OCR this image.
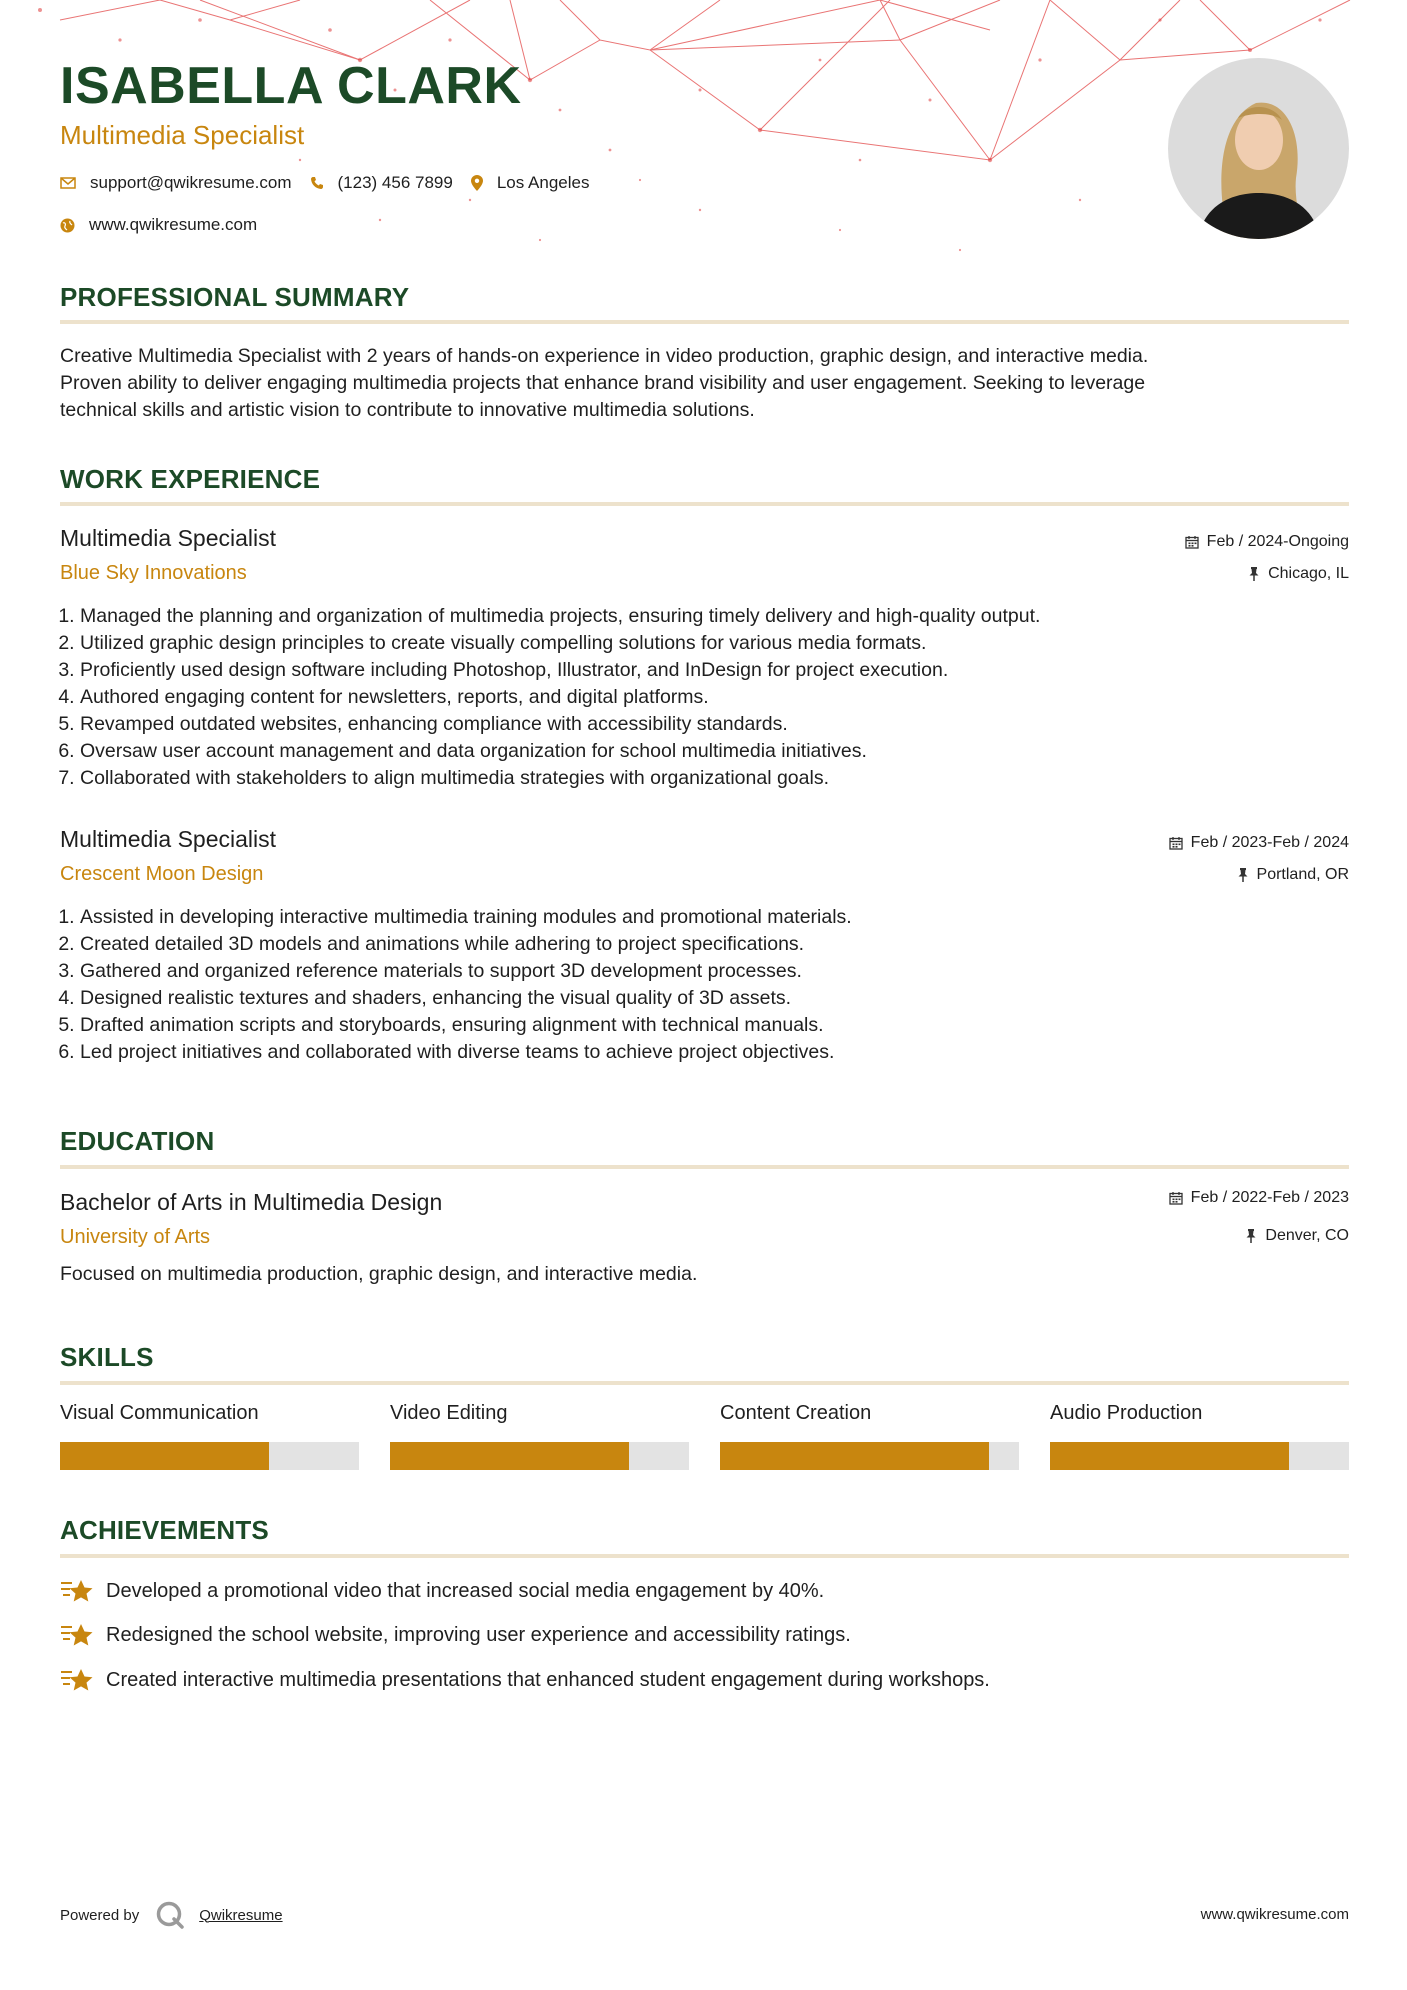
ISABELLA CLARK
Multimedia Specialist
support@qwikresume.com	(123) 456 7899	Los Angeles
www.qwikresume.com
PROFESSIONAL SUMMARY
Creative Multimedia Specialist with 2 years of hands-on experience in video production, graphic design, and interactive media.
Proven ability to deliver engaging multimedia projects that enhance brand visibility and user engagement. Seeking to leverage
technical skills and artistic vision to contribute to innovative multimedia solutions.
WORK EXPERIENCE
Multimedia Specialist
Blue Sky Innovations
Feb / 2024-Ongoing
Chicago, IL
1. Managed the planning and organization of multimedia projects, ensuring timely delivery and high-quality output.
2. Utilized graphic design principles to create visually compelling solutions for various media formats.
3. Proficiently used design software including Photoshop, Illustrator, and InDesign for project execution.
4. Authored engaging content for newsletters, reports, and digital platforms.
5. Revamped outdated websites, enhancing compliance with accessibility standards.
6. Oversaw user account management and data organization for school multimedia initiatives.
7. Collaborated with stakeholders to align multimedia strategies with organizational goals.
Multimedia Specialist
Crescent Moon Design
Feb / 2023-Feb / 2024
Portland, OR
1. Assisted in developing interactive multimedia training modules and promotional materials.
2. Created detailed 3D models and animations while adhering to project specifications.
3. Gathered and organized reference materials to support 3D development processes.
4. Designed realistic textures and shaders, enhancing the visual quality of 3D assets.
5. Drafted animation scripts and storyboards, ensuring alignment with technical manuals.
6. Led project initiatives and collaborated with diverse teams to achieve project objectives.
EDUCATION
Bachelor of Arts in Multimedia Design
University of Arts
Feb / 2022-Feb / 2023
Denver, CO
Focused on multimedia production, graphic design, and interactive media.
SKILLS
Visual Communication	Video Editing	Content Creation	Audio Production
ACHIEVEMENTS
Developed a promotional video that increased social media engagement by 40%.
Redesigned the school website, improving user experience and accessibility ratings.
Created interactive multimedia presentations that enhanced student engagement during workshops.
Powered by	Qwikresume	www.qwikresume.com
